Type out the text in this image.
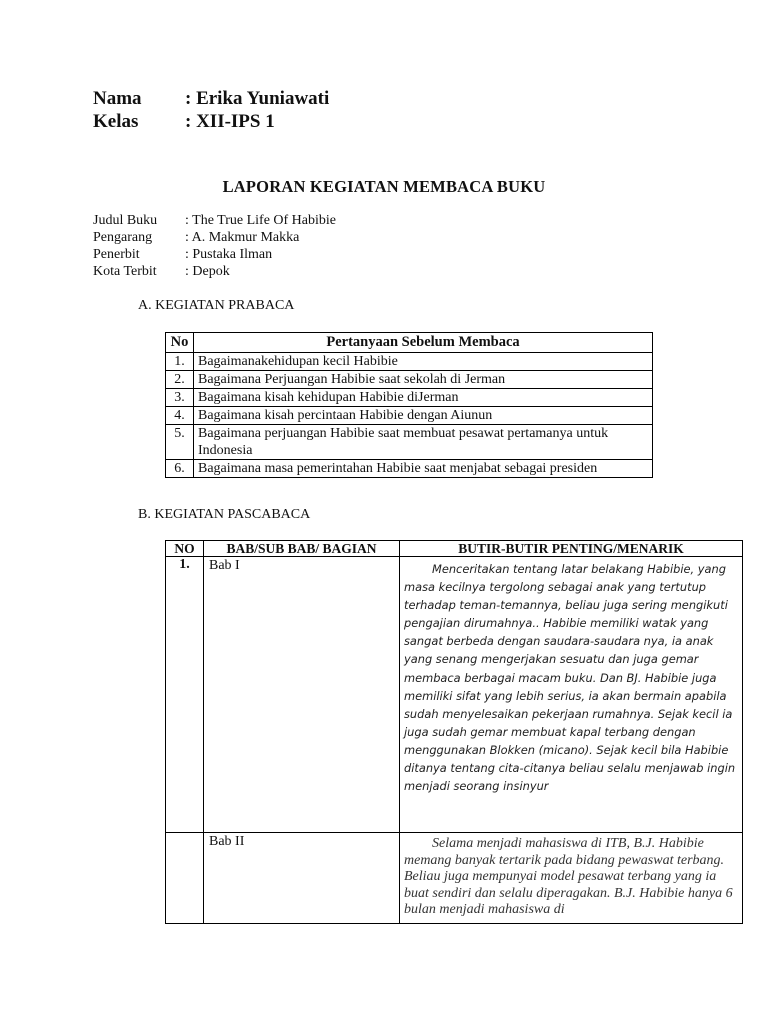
Nama : Erika Yuniawati
Kelas : XII-IPS 1
LAPORAN KEGIATAN MEMBACA BUKU
Judul Buku	: The True Life Of Habibie
Pengarang	: A. Makmur Makka
Penerbit	: Pustaka Ilman
Kota Terbit	: Depok
A. KEGIATAN PRABACA
No	Pertanyaan Sebelum Membaca
1.	Bagaimanakehidupan kecil Habibie
2.	Bagaimana Perjuangan Habibie saat sekolah di Jerman
3.	Bagaimana kisah kehidupan Habibie diJerman
4.	Bagaimana kisah percintaan Habibie dengan Aiunun
5.	Bagaimana perjuangan Habibie saat membuat pesawat pertamanya untuk Indonesia
6.	Bagaimana masa pemerintahan Habibie saat menjabat sebagai presiden
B. KEGIATAN PASCABACA
NO	BAB/SUB BAB/ BAGIAN	BUTIR-BUTIR PENTING/MENARIK
1.	Bab I	Menceritakan tentang latar belakang Habibie, yang masa kecilnya tergolong sebagai anak yang tertutup terhadap teman-temannya, beliau juga sering mengikuti pengajian dirumahnya.. Habibie memiliki watak yang sangat berbeda dengan saudara-saudara nya, ia anak yang senang mengerjakan sesuatu dan juga gemar membaca berbagai macam buku. Dan BJ. Habibie juga memiliki sifat yang lebih serius, ia akan bermain apabila sudah menyelesaikan pekerjaan rumahnya. Sejak kecil ia juga sudah gemar membuat kapal terbang dengan menggunakan Blokken (micano). Sejak kecil bila Habibie ditanya tentang cita-citanya beliau selalu menjawab ingin menjadi seorang insinyur
	Bab II	Selama menjadi mahasiswa di ITB, B.J. Habibie memang banyak tertarik pada bidang pewaswat terbang. Beliau juga mempunyai model pesawat terbang yang ia buat sendiri dan selalu diperagakan. B.J. Habibie hanya 6 bulan menjadi mahasiswa di
